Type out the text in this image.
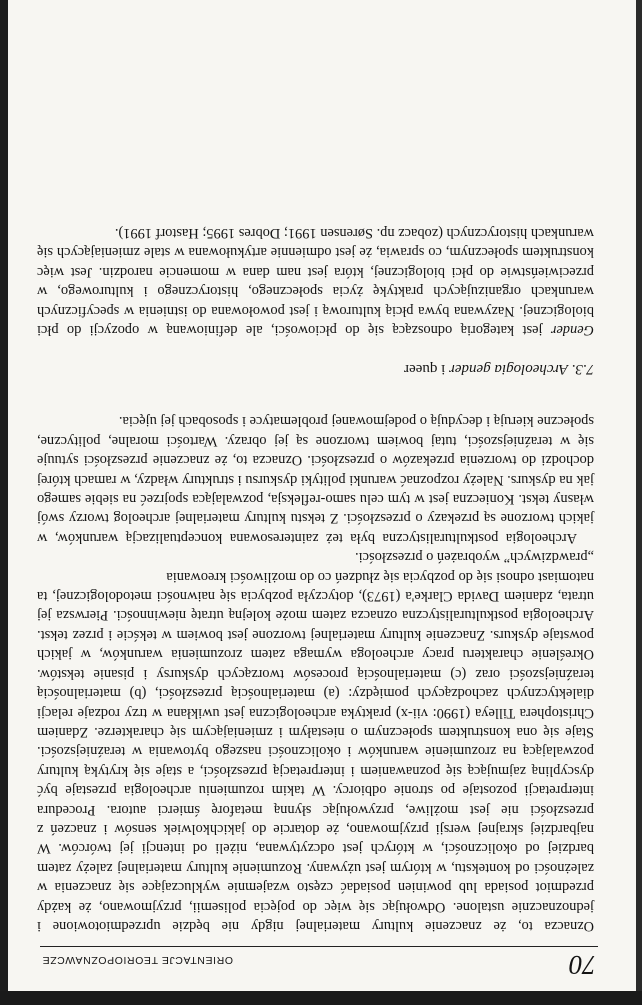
70
ORIENTACJE TEORIOPOZNAWCZE

Oznacza to, że znaczenie kultury materialnej nigdy nie będzie uprzedmiotowione i jednoznacznie ustalone. Odwołując się więc do pojęcia polisemii, przyjmowano, że każdy przedmiot posiada lub powinien posiadać często wzajemnie wykluczające się znaczenia w zależności od kontekstu, w którym jest używany. Rozumienie kultury materialnej zależy zatem bardziej od okoliczności, w których jest odczytywana, niżeli od intencji jej twórców. W najbardziej skrajnej wersji przyjmowano, że dotarcie do jakichkolwiek sensów i znaczeń z przeszłości nie jest możliwe, przywołując słynną metaforę śmierci autora. Procedura interpretacji pozostaje po stronie odbiorcy. W takim rozumieniu archeologia przestaje być dyscypliną zajmującą się poznawaniem i interpretacją przeszłości, a staje się krytyką kultury pozwalającą na zrozumienie warunków i okoliczności naszego bytowania w teraźniejszości. Staje się ona konstruktem społecznym o niestałym i zmieniającym się charakterze. Zdaniem Christophera Tilleya (1990: vii-x) praktyka archeologiczna jest uwikłana w trzy rodzaje relacji dialektycznych zachodzących pomiędzy: (a) materialnością przeszłości, (b) materialnością teraźniejszości oraz (c) materialnością procesów tworzących dyskursy i pisanie tekstów. Określenie charakteru pracy archeologa wymaga zatem zrozumienia warunków, w jakich powstaje dyskurs. Znaczenie kultury materialnej tworzone jest bowiem w tekście i przez tekst. Archeologia postkulturalistyczna oznacza zatem może kolejną utratę niewinności. Pierwsza jej utrata, zdaniem Davida Clarke'a (1973), dotyczyła pozbycia się naiwności metodologicznej, ta natomiast odnosi się do pozbycia się złudzeń co do możliwości kreowania

„prawdziwych” wyobrażeń o przeszłości.

Archeologia postkulturalistyczna była też zainteresowana konceptualizacją warunków, w jakich tworzone są przekazy o przeszłości. Z tekstu kultury materialnej archeolog tworzy swój własny tekst. Konieczna jest w tym celu samo-refleksja, pozwalająca spojrzeć na siebie samego jak na dyskurs. Należy rozpoznać warunki polityki dyskursu i struktury władzy, w ramach której dochodzi do tworzenia przekazów o przeszłości. Oznacza to, że znaczenie przeszłości sytuuje się w teraźniejszości, tutaj bowiem tworzone są jej obrazy. Wartości moralne, polityczne, społeczne kierują i decydują o podejmowanej problematyce i sposobach jej ujęcia.

7.3. Archeologia gender i queer

Gender jest kategorią odnoszącą się do płciowości, ale definiowaną w opozycji do płci biologicznej. Nazywana bywa płcią kulturową i jest powołowana do istnienia w specyficznych warunkach organizujących praktykę życia społecznego, historycznego i kulturowego, w przeciwieństwie do płci biologicznej, która jest nam dana w momencie narodzin. Jest więc konstruktem społecznym, co sprawia, że jest odmiennie artykułowana w stale zmieniających się warunkach historycznych (zobacz np. Sørensen 1991; Dobres 1995; Hastorf 1991).
